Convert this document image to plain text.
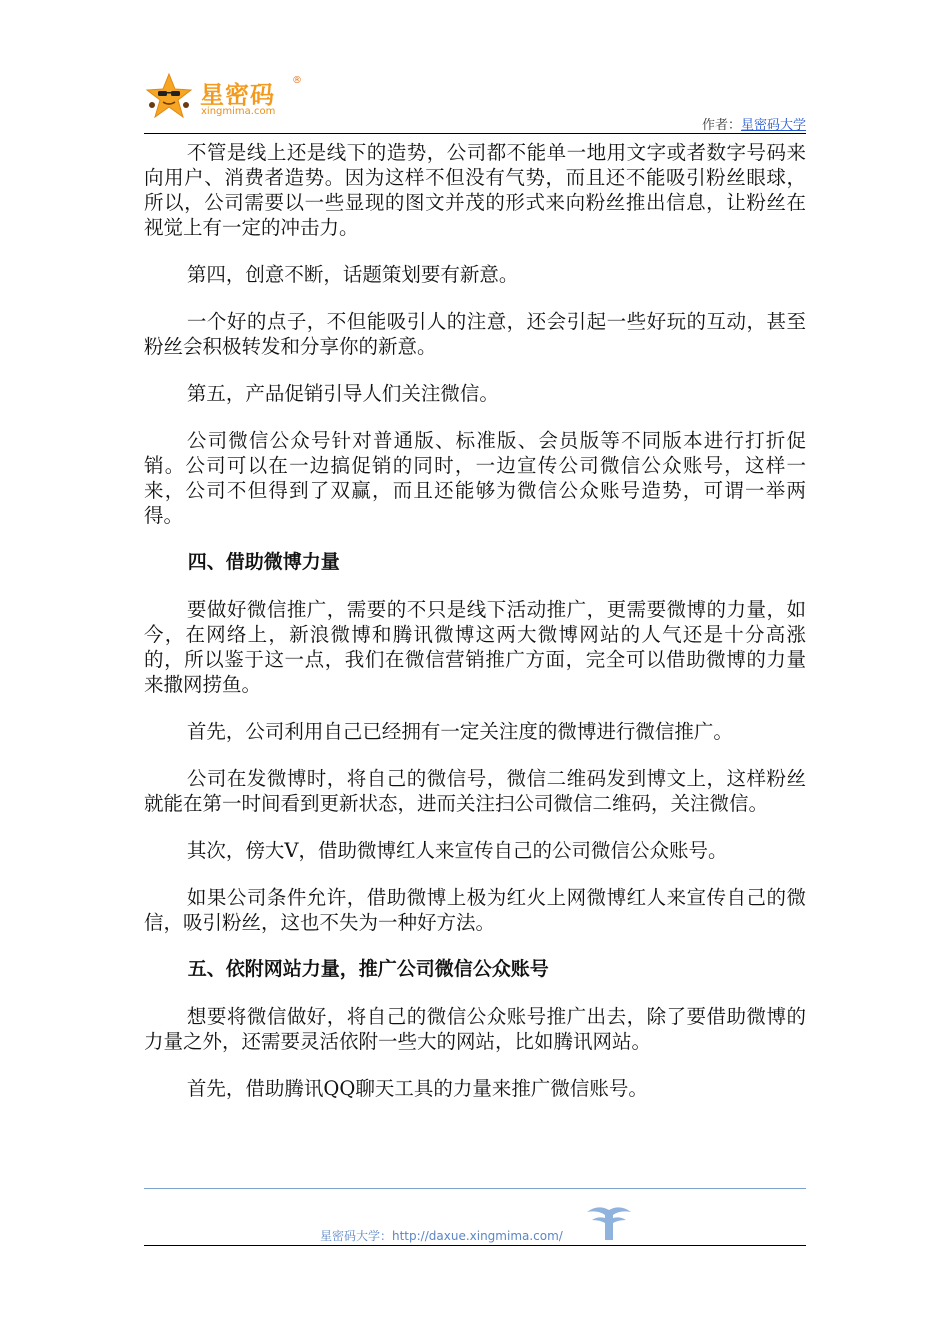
星密码
®
xingmima.com
作者：星密码大学

不管是线上还是线下的造势，公司都不能单一地用文字或者数字号码来向用户、消费者造势。因为这样不但没有气势，而且还不能吸引粉丝眼球，所以，公司需要以一些显现的图文并茂的形式来向粉丝推出信息，让粉丝在视觉上有一定的冲击力。

第四，创意不断，话题策划要有新意。

一个好的点子，不但能吸引人的注意，还会引起一些好玩的互动，甚至粉丝会积极转发和分享你的新意。

第五，产品促销引导人们关注微信。

公司微信公众号针对普通版、标准版、会员版等不同版本进行打折促销。公司可以在一边搞促销的同时，一边宣传公司微信公众账号，这样一来，公司不但得到了双赢，而且还能够为微信公众账号造势，可谓一举两得。

四、借助微博力量

要做好微信推广，需要的不只是线下活动推广，更需要微博的力量，如今，在网络上，新浪微博和腾讯微博这两大微博网站的人气还是十分高涨的，所以鉴于这一点，我们在微信营销推广方面，完全可以借助微博的力量来撒网捞鱼。

首先，公司利用自己已经拥有一定关注度的微博进行微信推广。

公司在发微博时，将自己的微信号，微信二维码发到博文上，这样粉丝就能在第一时间看到更新状态，进而关注扫公司微信二维码，关注微信。

其次，傍大V，借助微博红人来宣传自己的公司微信公众账号。

如果公司条件允许，借助微博上极为红火上网微博红人来宣传自己的微信，吸引粉丝，这也不失为一种好方法。

五、依附网站力量，推广公司微信公众账号

想要将微信做好，将自己的微信公众账号推广出去，除了要借助微博的力量之外，还需要灵活依附一些大的网站，比如腾讯网站。

首先，借助腾讯QQ聊天工具的力量来推广微信账号。

星密码大学：http://daxue.xingmima.com/
